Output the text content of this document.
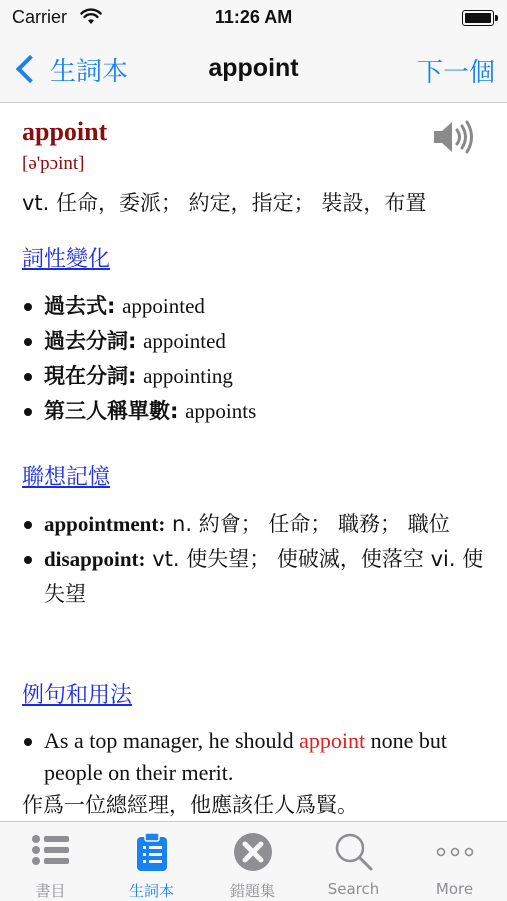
Carrier	11:26 AM
生詞本	appoint	下一個
appoint
[ə'pɔint]
vt. 任命，委派； 約定，指定； 裝設，布置
詞性變化
過去式: appointed
過去分詞: appointed
現在分詞: appointing
第三人稱單數: appoints
聯想記憶
appointment: n. 約會； 任命； 職務； 職位
disappoint: vt. 使失望； 使破滅，使落空 vi. 使失望
例句和用法
As a top manager, he should appoint none but people on their merit.
作爲一位總經理，他應該任人爲賢。
書目	生詞本	錯題集	Search	More
